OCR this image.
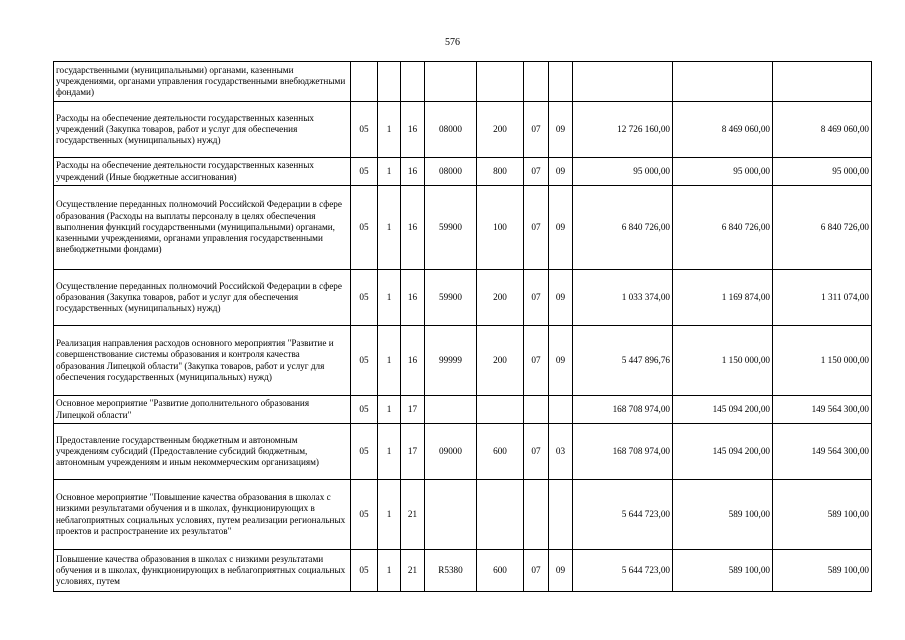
576
государственными (муниципальными) органами, казенными учреждениями, органами управления государственными внебюджетными фондами)										
Расходы на обеспечение деятельности государственных казенных учреждений (Закупка товаров, работ и услуг для обеспечения государственных (муниципальных) нужд)	05	1	16	08000	200	07	09	12 726 160,00	8 469 060,00	8 469 060,00
Расходы на обеспечение деятельности государственных казенных учреждений (Иные бюджетные ассигнования)	05	1	16	08000	800	07	09	95 000,00	95 000,00	95 000,00
Осуществление переданных полномочий Российской Федерации в сфере образования (Расходы на выплаты персоналу в целях обеспечения выполнения функций государственными (муниципальными) органами, казенными учреждениями, органами управления государственными внебюджетными фондами)	05	1	16	59900	100	07	09	6 840 726,00	6 840 726,00	6 840 726,00
Осуществление переданных полномочий Российской Федерации в сфере образования (Закупка товаров, работ и услуг для обеспечения государственных (муниципальных) нужд)	05	1	16	59900	200	07	09	1 033 374,00	1 169 874,00	1 311 074,00
Реализация направления расходов основного мероприятия "Развитие и совершенствование системы образования и контроля качества образования Липецкой области" (Закупка товаров, работ и услуг для обеспечения государственных (муниципальных) нужд)	05	1	16	99999	200	07	09	5 447 896,76	1 150 000,00	1 150 000,00
Основное мероприятие "Развитие дополнительного образования Липецкой области"	05	1	17					168 708 974,00	145 094 200,00	149 564 300,00
Предоставление государственным бюджетным и автономным учреждениям субсидий (Предоставление субсидий бюджетным, автономным учреждениям и иным некоммерческим организациям)	05	1	17	09000	600	07	03	168 708 974,00	145 094 200,00	149 564 300,00
Основное мероприятие "Повышение качества образования в школах с низкими результатами обучения и в школах, функционирующих в неблагоприятных социальных условиях, путем реализации региональных проектов и распространение их результатов"	05	1	21					5 644 723,00	589 100,00	589 100,00
Повышение качества образования в школах с низкими результатами обучения и в школах, функционирующих в неблагоприятных социальных условиях, путем	05	1	21	R5380	600	07	09	5 644 723,00	589 100,00	589 100,00
